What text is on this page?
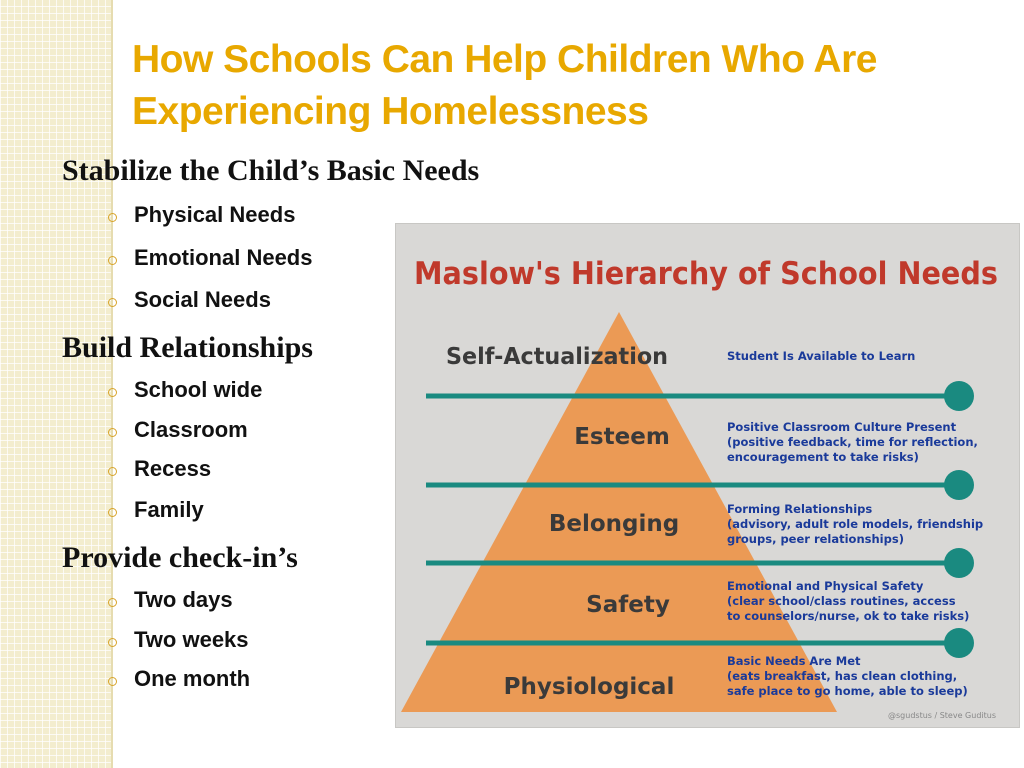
How Schools Can Help Children Who Are Experiencing Homelessness
Stabilize the Child’s Basic Needs
Physical Needs
Emotional Needs
Social Needs
Build Relationships
School wide
Classroom
Recess
Family
Provide check-in’s
Two days
Two weeks
One month
Maslow's Hierarchy of School Needs
Self-Actualization
Esteem
Belonging
Safety
Physiological
Student Is Available to Learn
Positive Classroom Culture Present
(positive feedback, time for reflection,
encouragement to take risks)
Forming Relationships
(advisory, adult role models, friendship
groups, peer relationships)
Emotional and Physical Safety
(clear school/class routines, access
to counselors/nurse, ok to take risks)
Basic Needs Are Met
(eats breakfast, has clean clothing,
safe place to go home, able to sleep)
@sgudstus / Steve Guditus
